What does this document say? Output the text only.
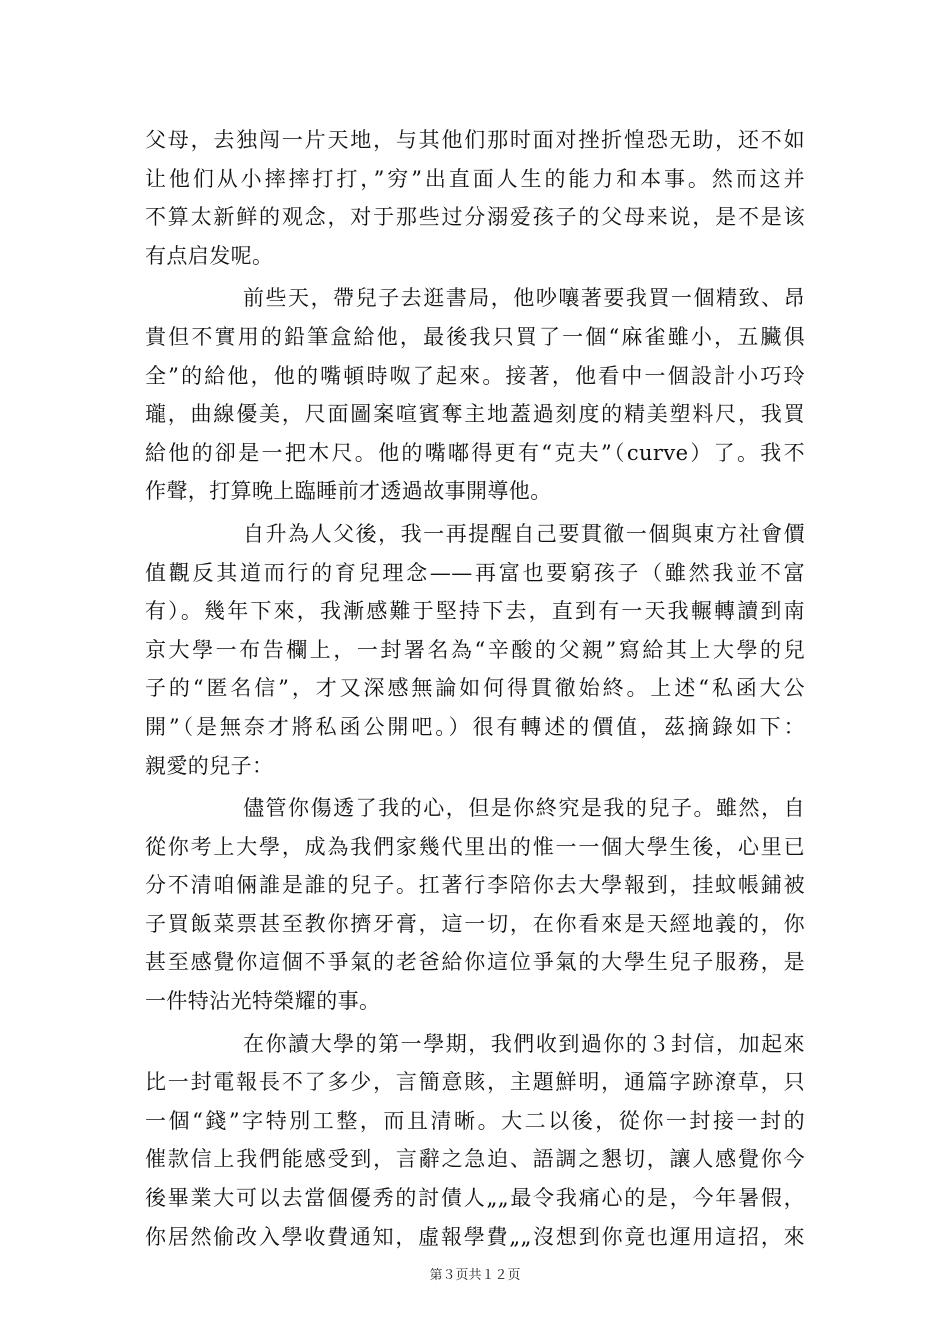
父母，去独闯一片天地，与其他们那时面对挫折惶恐无助，还不如
让他们从小摔摔打打，”穷”出直面人生的能力和本事。然而这并
不算太新鲜的观念，对于那些过分溺爱孩子的父母来说，是不是该
有点启发呢。
前些天，帶兒子去逛書局，他吵嚷著要我買一個精致、昂
貴但不實用的鉛筆盒給他，最後我只買了一個“麻雀雖小，五臟俱
全”的給他，他的嘴頓時呶了起來。接著，他看中一個設計小巧玲
瓏，曲線優美，尺面圖案喧賓奪主地蓋過刻度的精美塑料尺，我買
給他的卻是一把木尺。他的嘴嘟得更有“克夫”（curve）了。我不
作聲，打算晚上臨睡前才透過故事開導他。
自升為人父後，我一再提醒自己要貫徹一個與東方社會價
值觀反其道而行的育兒理念——再富也要窮孩子（雖然我並不富
有）。幾年下來，我漸感難于堅持下去，直到有一天我輾轉讀到南
京大學一布告欄上，一封署名為“辛酸的父親”寫給其上大學的兒
子的“匿名信”，才又深感無論如何得貫徹始終。上述“私函大公
開”（是無奈才將私函公開吧。）很有轉述的價值，茲摘錄如下：
親愛的兒子：
儘管你傷透了我的心，但是你終究是我的兒子。雖然，自
從你考上大學，成為我們家幾代里出的惟一一個大學生後，心里已
分不清咱倆誰是誰的兒子。扛著行李陪你去大學報到，挂蚊帳鋪被
子買飯菜票甚至教你擠牙膏，這一切，在你看來是天經地義的，你
甚至感覺你這個不爭氣的老爸給你這位爭氣的大學生兒子服務，是
一件特沾光特榮耀的事。
在你讀大學的第一學期，我們收到過你的３封信，加起來
比一封電報長不了多少，言簡意賅，主題鮮明，通篇字跡潦草，只
一個“錢”字特別工整，而且清晰。大二以後，從你一封接一封的
催款信上我們能感受到，言辭之急迫、語調之懇切，讓人感覺你今
後畢業大可以去當個優秀的討債人„„最令我痛心的是，今年暑假，
你居然偷改入學收費通知，虛報學費„„沒想到你竟也運用這招，來
第３页共１２页
